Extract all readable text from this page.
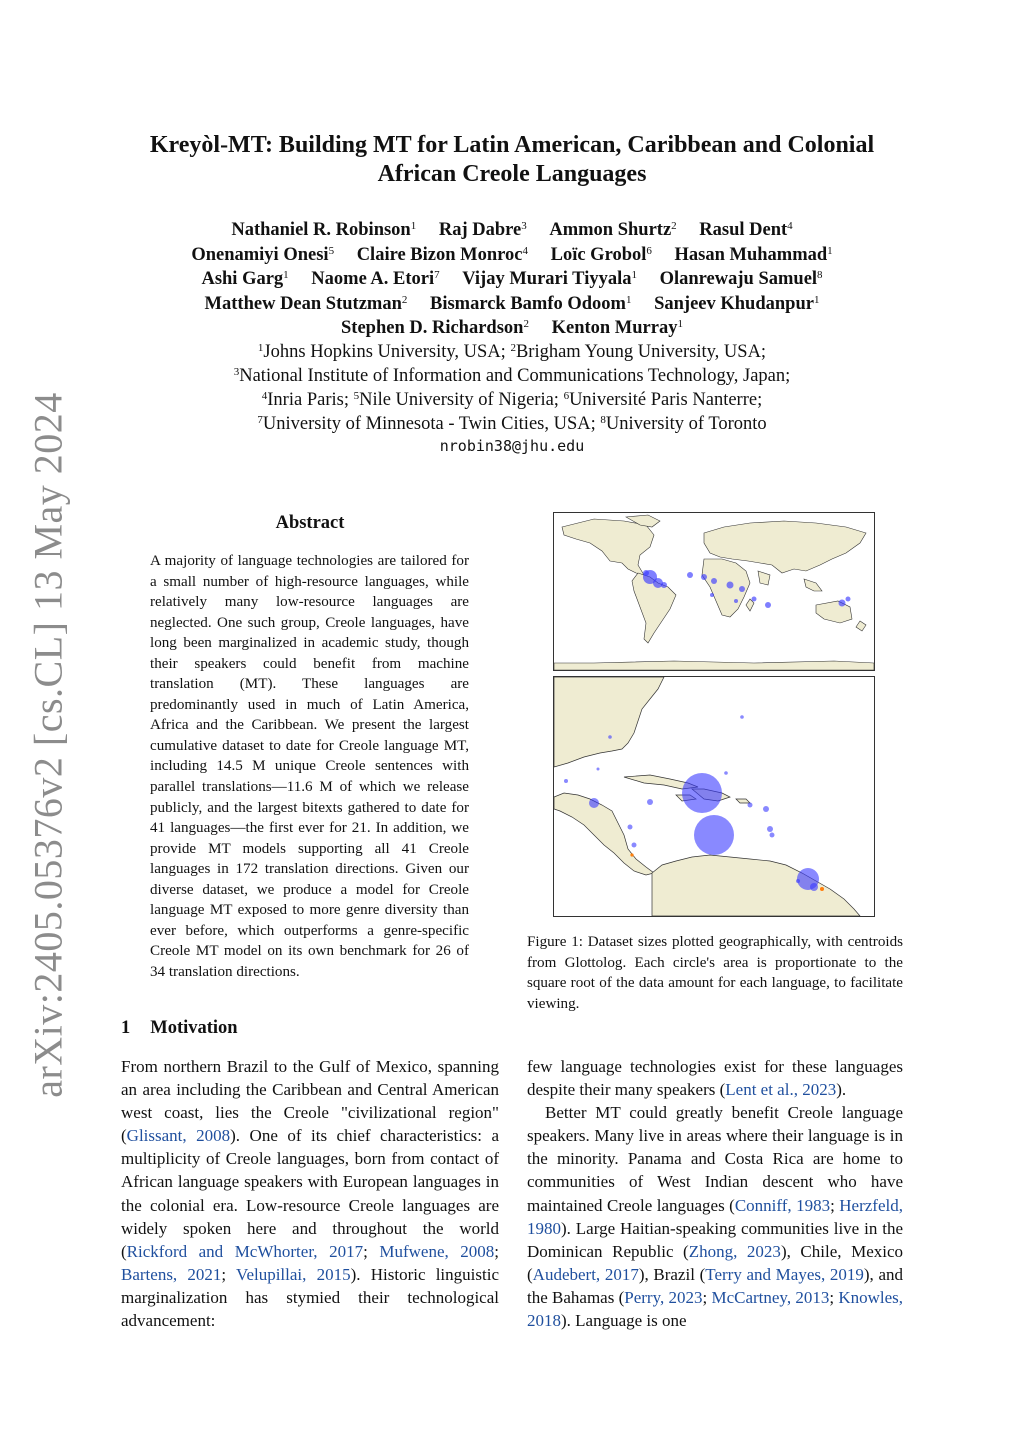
arXiv:2405.05376v2 [cs.CL] 13 May 2024
Kreyòl-MT: Building MT for Latin American, Caribbean and Colonial
African Creole Languages
Nathaniel R. Robinson$^1$ Raj Dabre$^3$ Ammon Shurtz$^2$ Rasul Dent$^4$
Onenamiyi Onesi$^5$ Claire Bizon Monroc$^4$ Loïc Grobol$^6$ Hasan Muhammad$^1$
Ashi Garg$^1$ Naome A. Etori$^7$ Vijay Murari Tiyyala$^1$ Olanrewaju Samuel$^8$
Matthew Dean Stutzman$^2$ Bismarck Bamfo Odoom$^1$ Sanjeev Khudanpur$^1$
Stephen D. Richardson$^2$ Kenton Murray$^1$
$^1$Johns Hopkins University, USA; $^2$Brigham Young University, USA;
$^3$National Institute of Information and Communications Technology, Japan;
$^4$Inria Paris; $^5$Nile University of Nigeria; $^6$Université Paris Nanterre;
$^7$University of Minnesota - Twin Cities, USA; $^8$University of Toronto
nrobin38@jhu.edu
Abstract
A majority of language technologies are tailored for a small number of high-resource languages, while relatively many low-resource languages are neglected. One such group, Creole languages, have long been marginalized in academic study, though their speakers could benefit from machine translation (MT). These languages are predominantly used in much of Latin America, Africa and the Caribbean. We present the largest cumulative dataset to date for Creole language MT, including 14.5 M unique Creole sentences with parallel translations—11.6 M of which we release publicly, and the largest bitexts gathered to date for 41 languages—the first ever for 21. In addition, we provide MT models supporting all 41 Creole languages in 172 translation directions. Given our diverse dataset, we produce a model for Creole language MT exposed to more genre diversity than ever before, which outperforms a genre-specific Creole MT model on its own benchmark for 26 of 34 translation directions.
Figure 1: Dataset sizes plotted geographically, with centroids from Glottolog. Each circle's area is proportionate to the square root of the data amount for each language, to facilitate viewing.
1 Motivation

From northern Brazil to the Gulf of Mexico, spanning an area including the Caribbean and Central American west coast, lies the Creole "civilizational region" (Glissant, 2008). One of its chief characteristics: a multiplicity of Creole languages, born from contact of African language speakers with European languages in the colonial era. Low-resource Creole languages are widely spoken here and throughout the world (Rickford and McWhorter, 2017; Mufwene, 2008; Bartens, 2021; Velupillai, 2015). Historic linguistic marginalization has stymied their technological advancement:

few language technologies exist for these languages despite their many speakers (Lent et al., 2023).

Better MT could greatly benefit Creole language speakers. Many live in areas where their language is in the minority. Panama and Costa Rica are home to communities of West Indian descent who have maintained Creole languages (Conniff, 1983; Herzfeld, 1980). Large Haitian-speaking communities live in the Dominican Republic (Zhong, 2023), Chile, Mexico (Audebert, 2017), Brazil (Terry and Mayes, 2019), and the Bahamas (Perry, 2023; McCartney, 2013; Knowles, 2018). Language is one
